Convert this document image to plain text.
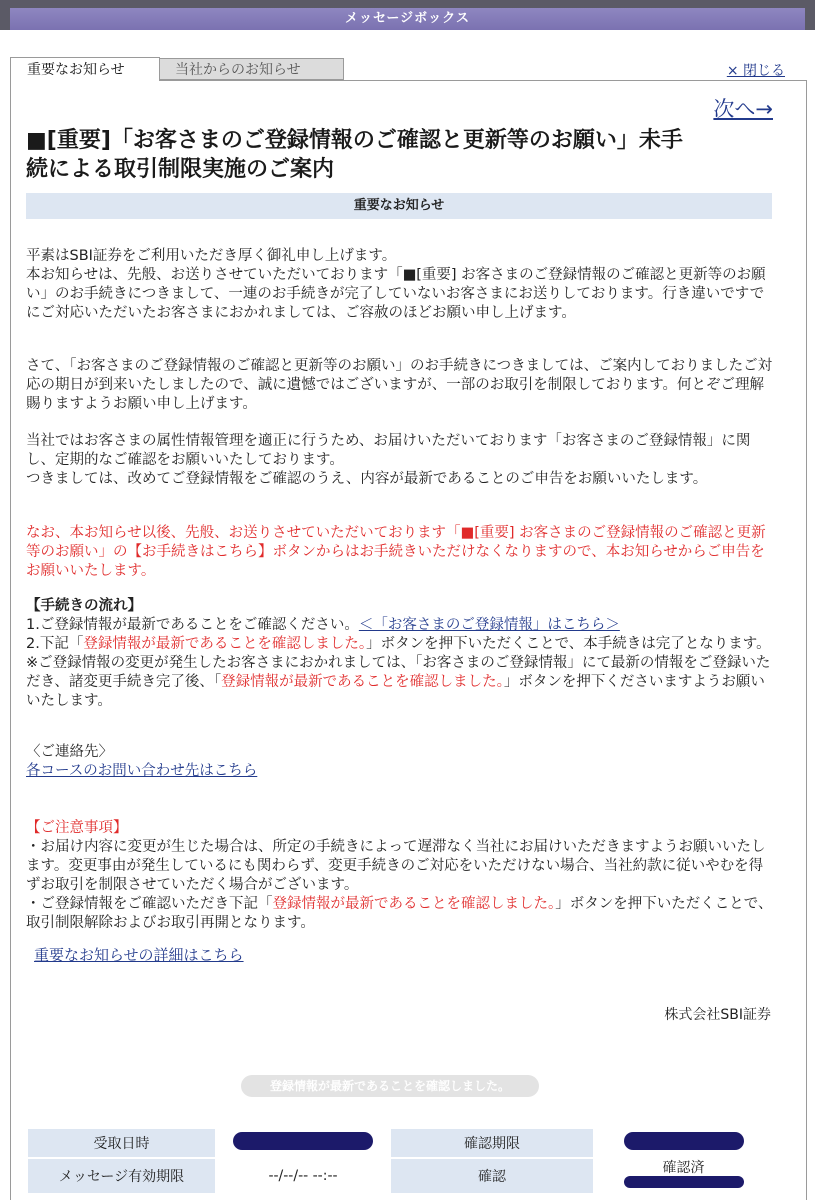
メッセージボックス
重要なお知らせ	当社からのお知らせ	× 閉じる
次へ→
■[重要]「お客さまのご登録情報のご確認と更新等のお願い」未手
続による取引制限実施のご案内
重要なお知らせ

平素はSBI証券をご利用いただき厚く御礼申し上げます。
本お知らせは、先般、お送りさせていただいております「■[重要] お客さまのご登録情報のご確認と更新等のお願い」のお手続きにつきまして、一連のお手続きが完了していないお客さまにお送りしております。行き違いですでにご対応いただいたお客さまにおかれましては、ご容赦のほどお願い申し上げます。

さて、「お客さまのご登録情報のご確認と更新等のお願い」のお手続きにつきましては、ご案内しておりましたご対応の期日が到来いたしましたので、誠に遺憾ではございますが、一部のお取引を制限しております。何とぞご理解賜りますようお願い申し上げます。

当社ではお客さまの属性情報管理を適正に行うため、お届けいただいております「お客さまのご登録情報」に関し、定期的なご確認をお願いいたしております。
つきましては、改めてご登録情報をご確認のうえ、内容が最新であることのご申告をお願いいたします。

なお、本お知らせ以後、先般、お送りさせていただいております「■[重要] お客さまのご登録情報のご確認と更新等のお願い」の【お手続きはこちら】ボタンからはお手続きいただけなくなりますので、本お知らせからご申告をお願いいたします。

【手続きの流れ】
1.ご登録情報が最新であることをご確認ください。＜「お客さまのご登録情報」はこちら＞
2.下記「登録情報が最新であることを確認しました。」ボタンを押下いただくことで、本手続きは完了となります。
※ご登録情報の変更が発生したお客さまにおかれましては、「お客さまのご登録情報」にて最新の情報をご登録いただき、諸変更手続き完了後、「登録情報が最新であることを確認しました。」ボタンを押下くださいますようお願いいたします。

〈ご連絡先〉
各コースのお問い合わせ先はこちら

【ご注意事項】
・お届け内容に変更が生じた場合は、所定の手続きによって遅滞なく当社にお届けいただきますようお願いいたします。変更事由が発生しているにも関わらず、変更手続きのご対応をいただけない場合、当社約款に従いやむを得ずお取引を制限させていただく場合がございます。
・ご登録情報をご確認いただき下記「登録情報が最新であることを確認しました。」ボタンを押下いただくことで、取引制限解除およびお取引再開となります。

重要なお知らせの詳細はこちら
株式会社SBI証券
登録情報が最新であることを確認しました。
受取日時		確認期限	
メッセージ有効期限	--/--/-- --:--	確認	確認済
